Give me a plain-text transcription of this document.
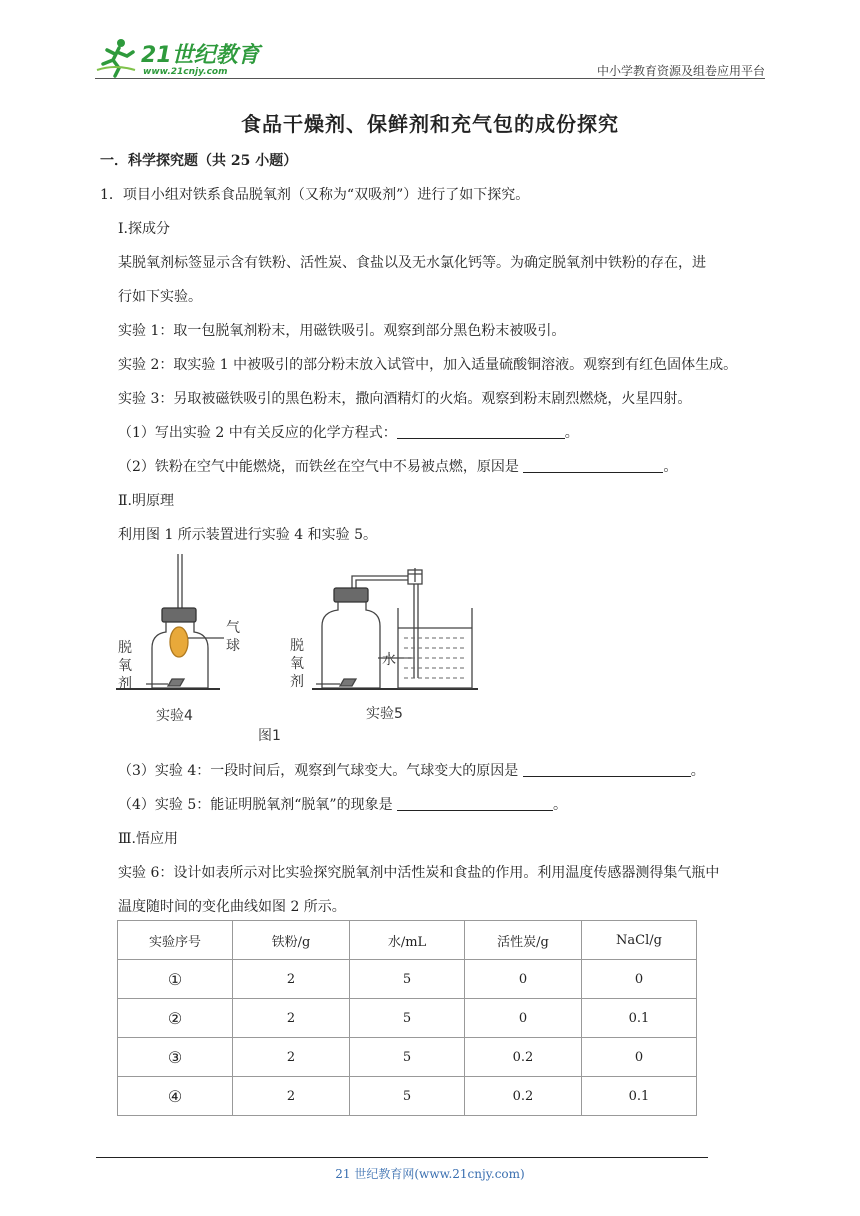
21世纪教育
www.21cnjy.com	中小学教育资源及组卷应用平台
食品干燥剂、保鲜剂和充气包的成份探究
一．科学探究题（共 25 小题）
1．项目小组对铁系食品脱氧剂（又称为“双吸剂”）进行了如下探究。
Ⅰ.探成分
某脱氧剂标签显示含有铁粉、活性炭、食盐以及无水氯化钙等。为确定脱氧剂中铁粉的存在，进
行如下实验。
实验 1：取一包脱氧剂粉末，用磁铁吸引。观察到部分黑色粉末被吸引。
实验 2：取实验 1 中被吸引的部分粉末放入试管中，加入适量硫酸铜溶液。观察到有红色固体生成。
实验 3：另取被磁铁吸引的黑色粉末，撒向酒精灯的火焰。观察到粉末剧烈燃烧，火星四射。
（1）写出实验 2 中有关反应的化学方程式：	。
（2）铁粉在空气中能燃烧，而铁丝在空气中不易被点燃，原因是	。
Ⅱ.明原理
利用图 1 所示装置进行实验 4 和实验 5。
脱
氧
剂
气
球
实验4
脱
氧
剂
水
实验5
图1
（3）实验 4：一段时间后，观察到气球变大。气球变大的原因是	。
（4）实验 5：能证明脱氧剂“脱氧”的现象是	。
Ⅲ.悟应用
实验 6：设计如表所示对比实验探究脱氧剂中活性炭和食盐的作用。利用温度传感器测得集气瓶中
温度随时间的变化曲线如图 2 所示。
实验序号	铁粉/g	水/mL	活性炭/g	NaCl/g
①	2	5	0	0
②	2	5	0	0.1
③	2	5	0.2	0
④	2	5	0.2	0.1
21 世纪教育网(www.21cnjy.com)
